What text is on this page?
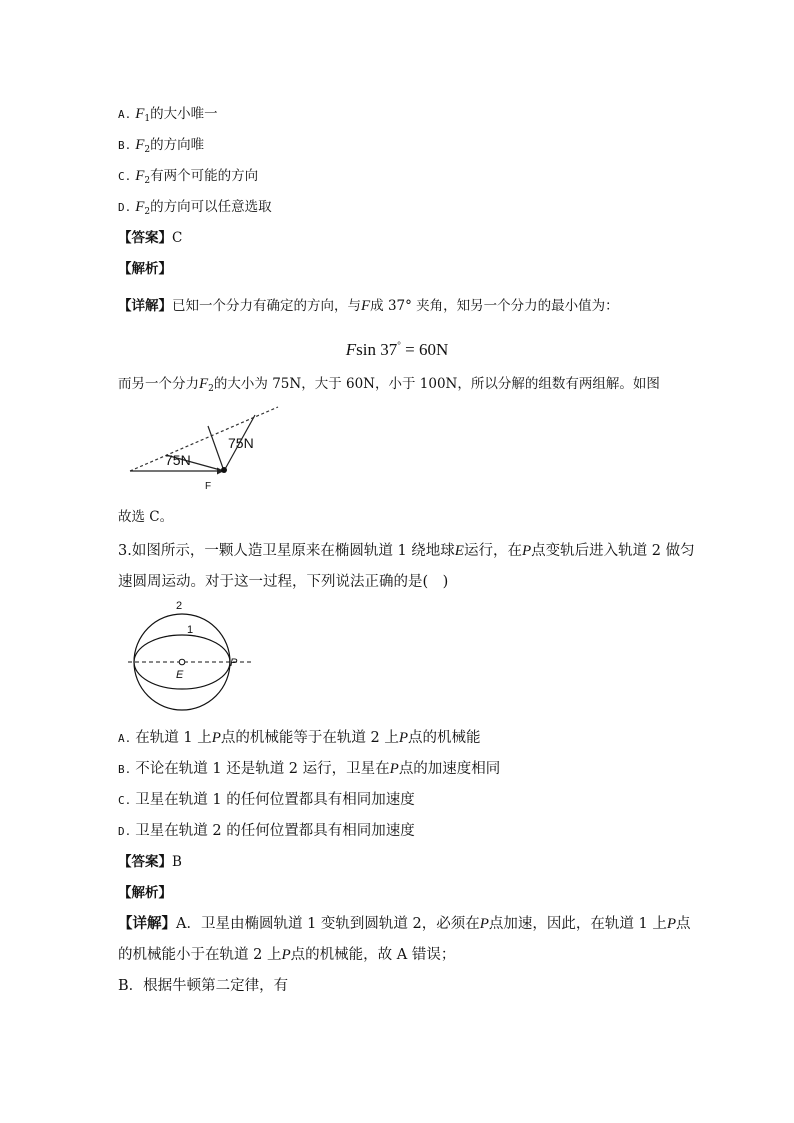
A. $F_1$的大小唯一
B. $F_2$的方向唯
C. $F_2$有两个可能的方向
D. $F_2$的方向可以任意选取
【答案】C
【解析】
【详解】已知一个分力有确定的方向，与F成 37° 夹角，知另一个分力的最小值为：
Fsin 37° = 60N
而另一个分力$F_2$的大小为 75N，大于 60N，小于 100N，所以分解的组数有两组解。如图
75N
75N
F
故选 C。
3.如图所示，一颗人造卫星原来在椭圆轨道 1 绕地球E运行，在P点变轨后进入轨道 2 做匀
速圆周运动。对于这一过程，下列说法正确的是(　)
2
1
E
P
A. 在轨道 1 上P点的机械能等于在轨道 2 上P点的机械能
B. 不论在轨道 1 还是轨道 2 运行，卫星在P点的加速度相同
C. 卫星在轨道 1 的任何位置都具有相同加速度
D. 卫星在轨道 2 的任何位置都具有相同加速度
【答案】B
【解析】
【详解】A．卫星由椭圆轨道 1 变轨到圆轨道 2，必须在P点加速，因此，在轨道 1 上P点
的机械能小于在轨道 2 上P点的机械能，故 A 错误；
B．根据牛顿第二定律，有
